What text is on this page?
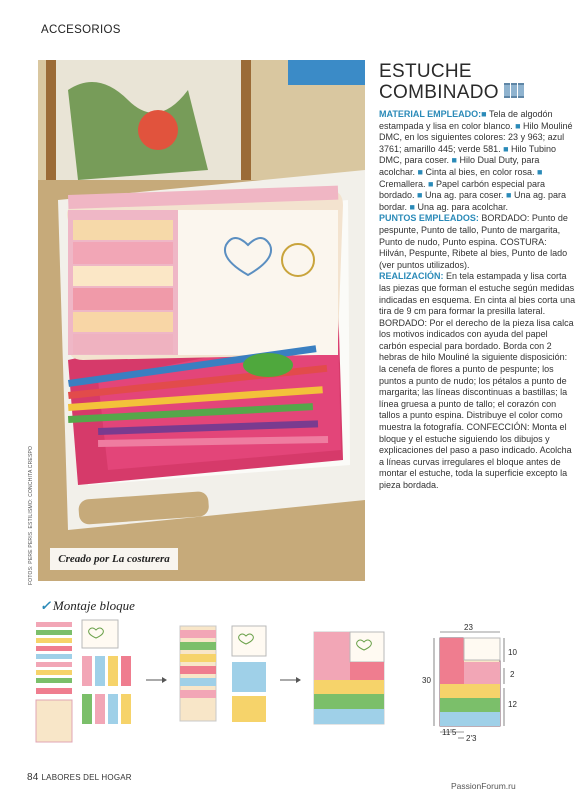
ACCESORIOS
FOTOS: PERE PERIS. ESTILISMO: CONCHITA CRESPO	Creado por La costurera
ESTUCHE
COMBINADO

MATERIAL EMPLEADO:■ Tela de algodón estampada y lisa en color blanco. ■ Hilo Mouliné DMC, en los siguientes colores: 23 y 963; azul 3761; amarillo 445; verde 581. ■ Hilo Tubino DMC, para coser. ■ Hilo Dual Duty, para acolchar. ■ Cinta al bies, en color rosa. ■ Cremallera. ■ Papel carbón especial para bordado. ■ Una ag. para coser. ■ Una ag. para bordar. ■ Una ag. para acolchar.

PUNTOS EMPLEADOS: BORDADO: Punto de pespunte, Punto de tallo, Punto de margarita, Punto de nudo, Punto espina. COSTURA: Hilván, Pespunte, Ribete al bies, Punto de lado (ver puntos utilizados).

REALIZACIÓN: En tela estampada y lisa corta las piezas que forman el estuche según medidas indicadas en esquema. En cinta al bies corta una tira de 9 cm para formar la presilla lateral. BORDADO: Por el derecho de la pieza lisa calca los motivos indicados con ayuda del papel carbón especial para bordado. Borda con 2 hebras de hilo Mouliné la siguiente disposición: la cenefa de flores a punto de pespunte; los puntos a punto de nudo; los pétalos a punto de margarita; las líneas discontinuas a bastillas; la línea gruesa a punto de tallo; el corazón con tallos a punto espina. Distribuye el color como muestra la fotografía. CONFECCIÓN: Monta el bloque y el estuche siguiendo los dibujos y explicaciones del paso a paso indicado. Acolcha a líneas curvas irregulares el bloque antes de montar el estuche, toda la superficie excepto la pieza bordada.

✓ Montaje bloque
23
30
10
2
12
11'5
2'3
84 LABORES DEL HOGAR
PassionForum.ru
